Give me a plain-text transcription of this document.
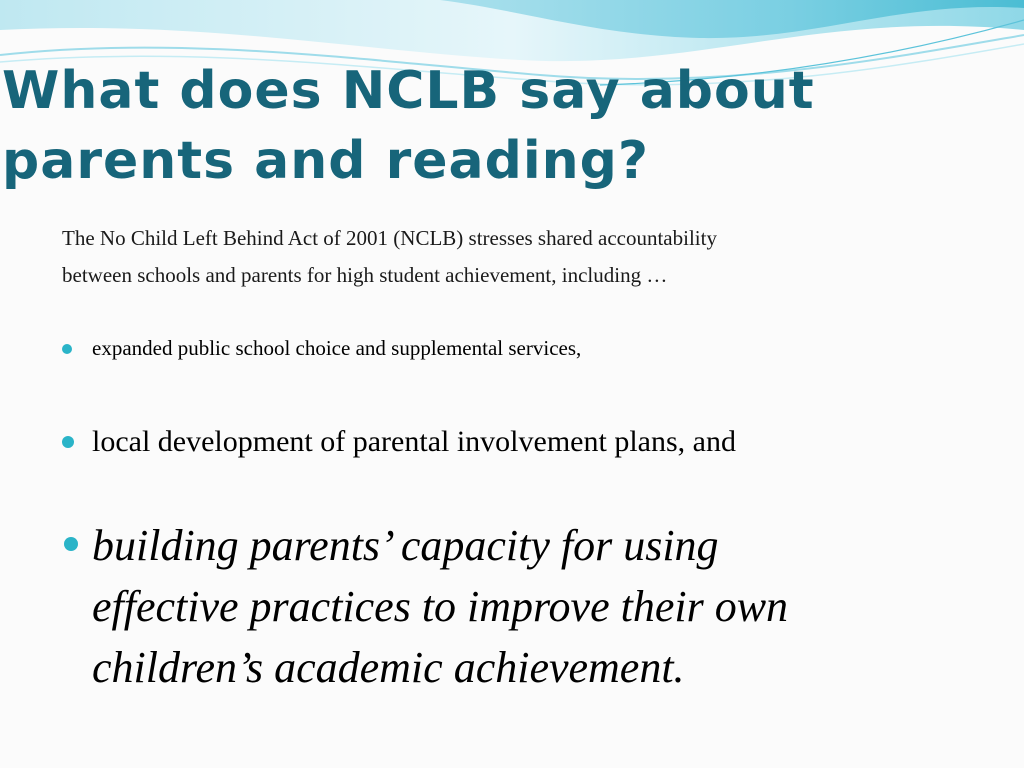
What does NCLB say about
parents and reading?

The No Child Left Behind Act of 2001 (NCLB) stresses shared accountability
between schools and parents for high student achievement, including …

expanded public school choice and supplemental services,
local development of parental involvement plans, and
building parents’ capacity for using
effective practices to improve their own
children’s academic achievement.
